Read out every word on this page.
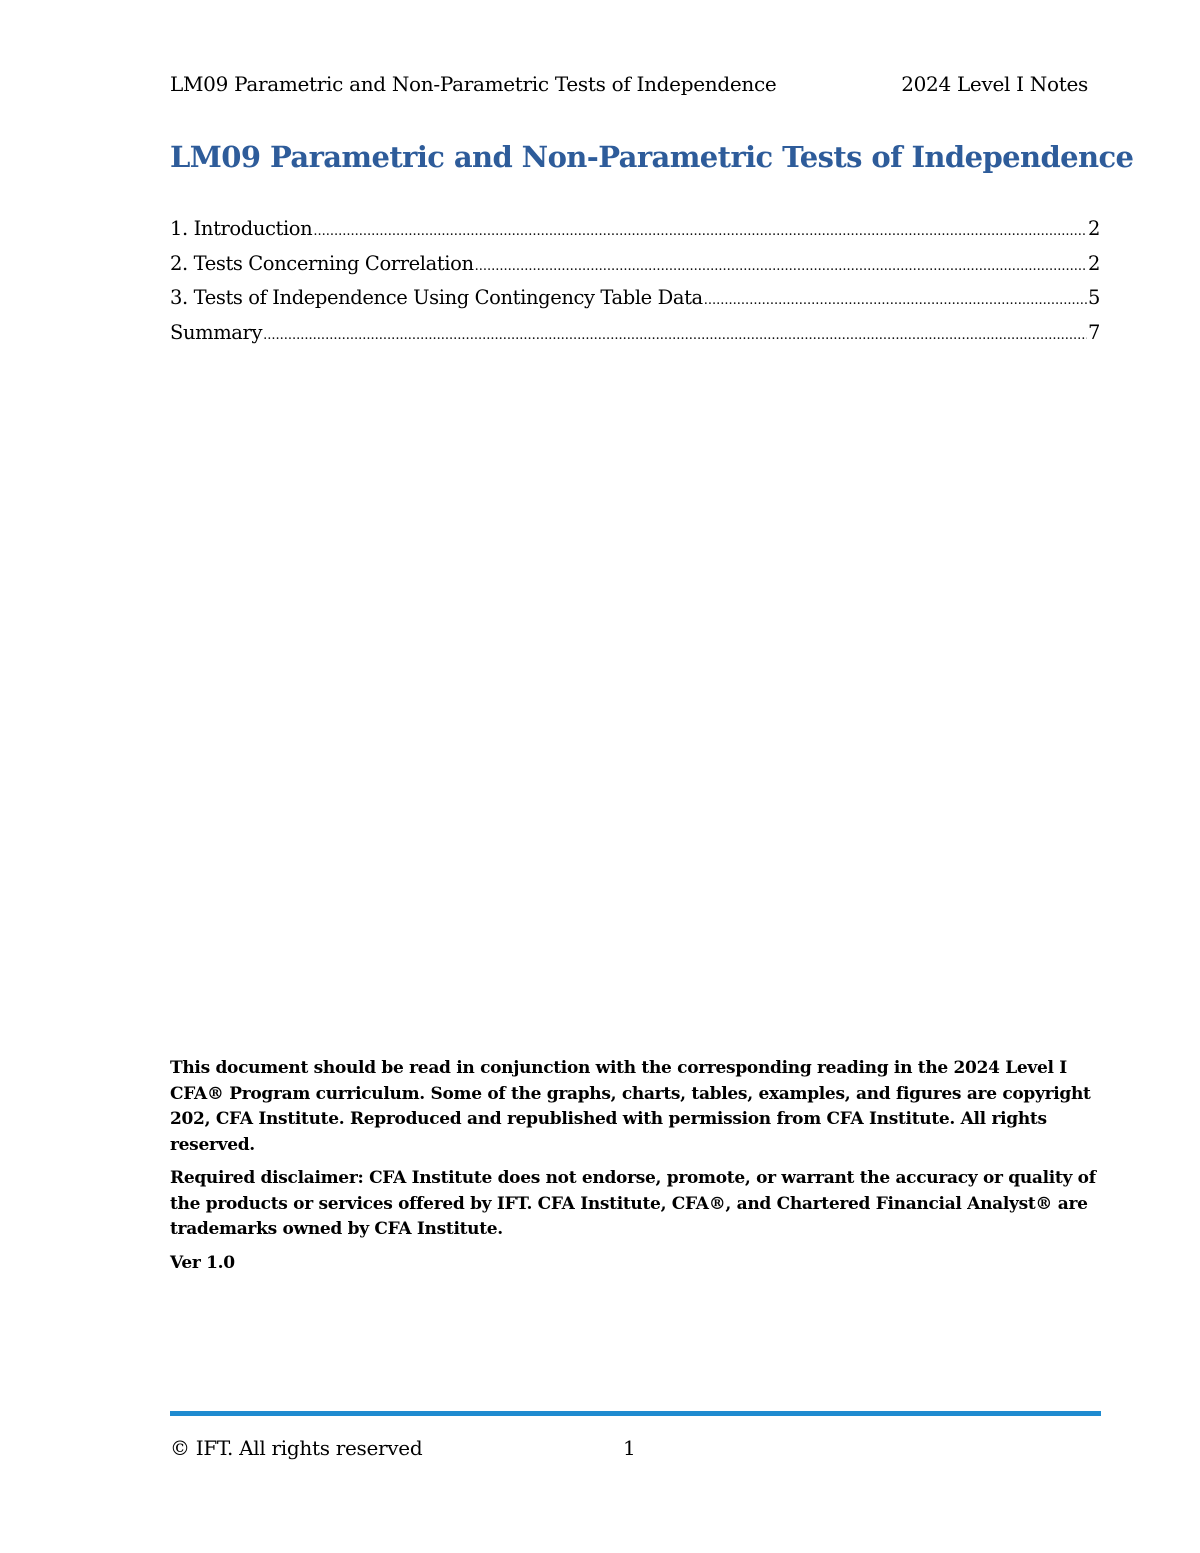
LM09 Parametric and Non-Parametric Tests of Independence	2024 Level I Notes
LM09 Parametric and Non-Parametric Tests of Independence
1. Introduction .....	2
2. Tests Concerning Correlation .....	2
3. Tests of Independence Using Contingency Table Data .....	5
Summary .....	7

This document should be read in conjunction with the corresponding reading in the 2024 Level I CFA® Program curriculum. Some of the graphs, charts, tables, examples, and figures are copyright 202, CFA Institute. Reproduced and republished with permission from CFA Institute. All rights reserved.

Required disclaimer: CFA Institute does not endorse, promote, or warrant the accuracy or quality of the products or services offered by IFT. CFA Institute, CFA®, and Chartered Financial Analyst® are trademarks owned by CFA Institute.

Ver 1.0

© IFT. All rights reserved	1
